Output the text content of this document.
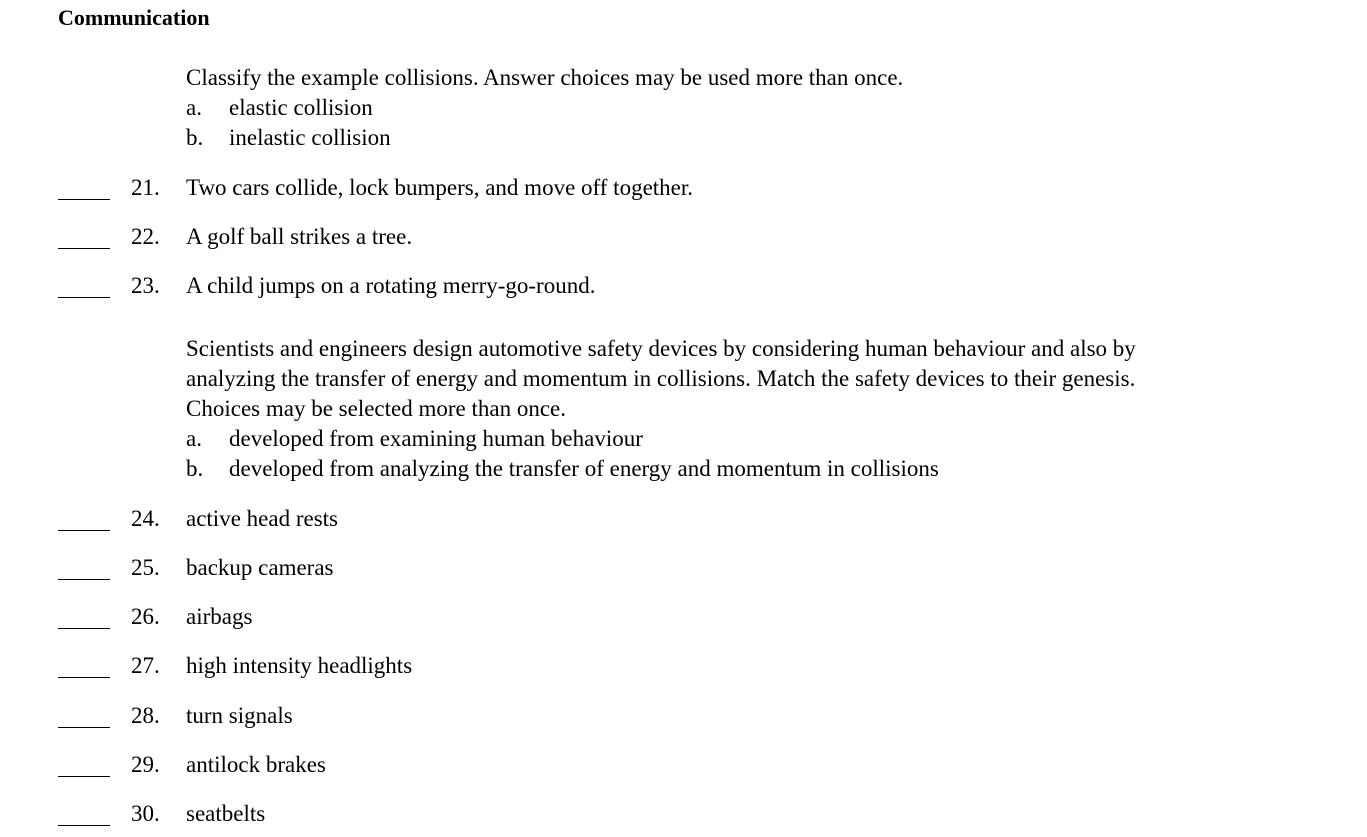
Communication

Classify the example collisions. Answer choices may be used more than once.

a. elastic collision
b. inelastic collision
21. Two cars collide, lock bumpers, and move off together.
22. A golf ball strikes a tree.
23. A child jumps on a rotating merry-go-round.
Scientists and engineers design automotive safety devices by considering human behaviour and also by
analyzing the transfer of energy and momentum in collisions. Match the safety devices to their genesis.
Choices may be selected more than once.
a. developed from examining human behaviour
b. developed from analyzing the transfer of energy and momentum in collisions
24. active head rests
25. backup cameras
26. airbags
27. high intensity headlights
28. turn signals
29. antilock brakes
30. seatbelts
